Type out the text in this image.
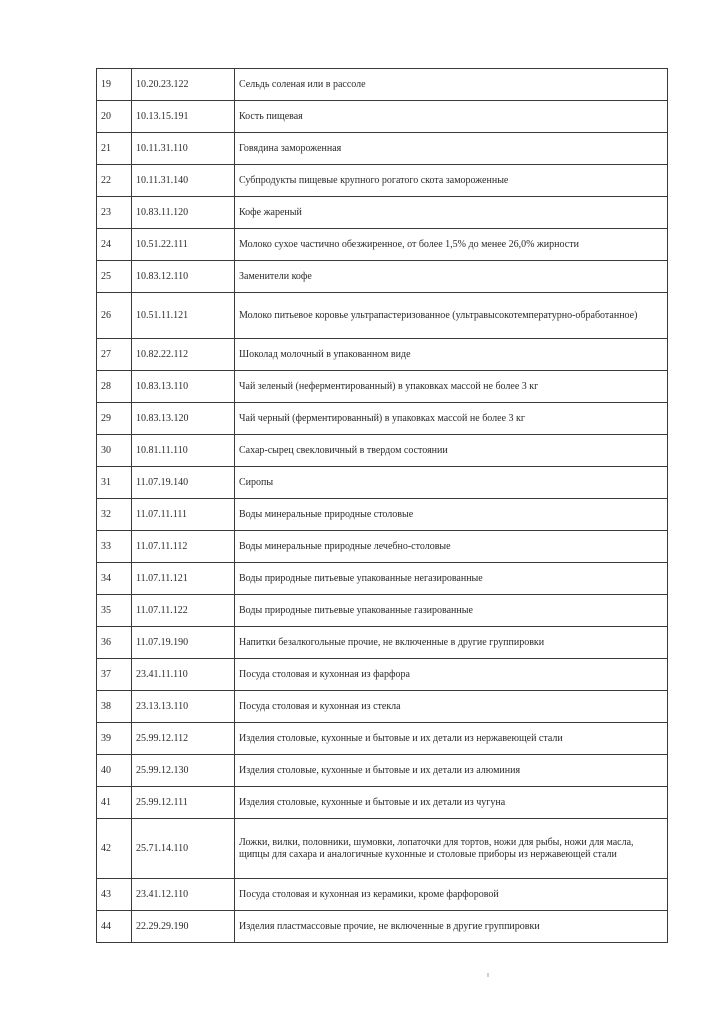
19	10.20.23.122	Сельдь соленая или в рассоле
20	10.13.15.191	Кость пищевая
21	10.11.31.110	Говядина замороженная
22	10.11.31.140	Субпродукты пищевые крупного рогатого скота замороженные
23	10.83.11.120	Кофе жареный
24	10.51.22.111	Молоко сухое частично обезжиренное, от более 1,5% до менее 26,0% жирности
25	10.83.12.110	Заменители кофе
26	10.51.11.121	Молоко питьевое коровье ультрапастеризованное (ультравысокотемпературно-обработанное)
27	10.82.22.112	Шоколад молочный в упакованном виде
28	10.83.13.110	Чай зеленый (неферментированный) в упаковках массой не более 3 кг
29	10.83.13.120	Чай черный (ферментированный) в упаковках массой не более 3 кг
30	10.81.11.110	Сахар-сырец свекловичный в твердом состоянии
31	11.07.19.140	Сиропы
32	11.07.11.111	Воды минеральные природные столовые
33	11.07.11.112	Воды минеральные природные лечебно-столовые
34	11.07.11.121	Воды природные питьевые упакованные негазированные
35	11.07.11.122	Воды природные питьевые упакованные газированные
36	11.07.19.190	Напитки безалкогольные прочие, не включенные в другие группировки
37	23.41.11.110	Посуда столовая и кухонная из фарфора
38	23.13.13.110	Посуда столовая и кухонная из стекла
39	25.99.12.112	Изделия столовые, кухонные и бытовые и их детали из нержавеющей стали
40	25.99.12.130	Изделия столовые, кухонные и бытовые и их детали из алюминия
41	25.99.12.111	Изделия столовые, кухонные и бытовые и их детали из чугуна
42	25.71.14.110	Ложки, вилки, половники, шумовки, лопаточки для тортов, ножи для рыбы, ножи для масла, щипцы для сахара и аналогичные кухонные и столовые приборы из нержавеющей стали
43	23.41.12.110	Посуда столовая и кухонная из керамики, кроме фарфоровой
44	22.29.29.190	Изделия пластмассовые прочие, не включенные в другие группировки
